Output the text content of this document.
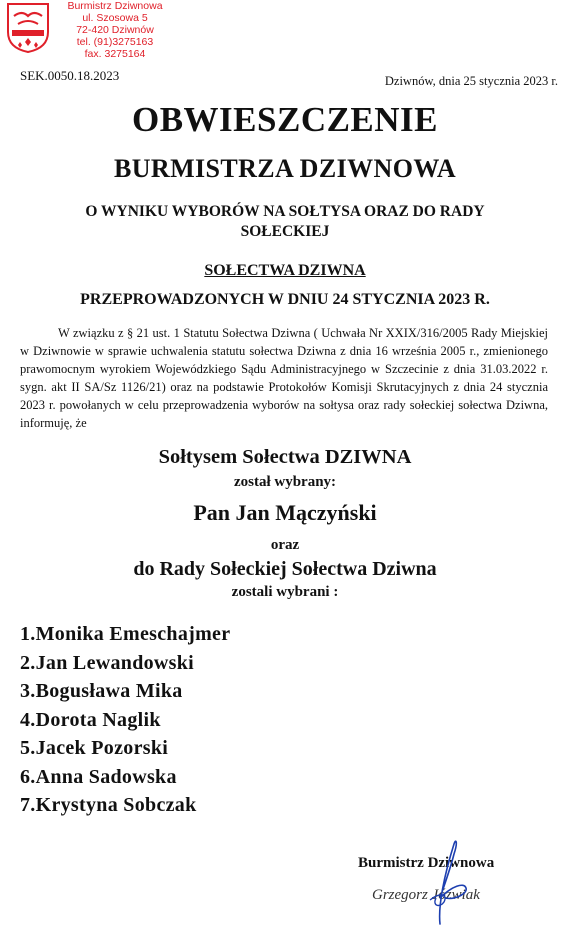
Burmistrz Dziwnowa
ul. Szosowa 5
72-420 Dziwnów
tel. (91)3275163
fax. 3275164
SEK.0050.18.2023	Dziwnów, dnia 25 stycznia 2023 r.
OBWIESZCZENIE
BURMISTRZA DZIWNOWA
O WYNIKU WYBORÓW NA SOŁTYSA ORAZ DO RADY
SOŁECKIEJ
SOŁECTWA DZIWNA
PRZEPROWADZONYCH W DNIU 24 STYCZNIA 2023 R.
W związku z § 21 ust. 1 Statutu Sołectwa Dziwna ( Uchwała Nr XXIX/316/2005 Rady Miejskiej w Dziwnowie w sprawie uchwalenia statutu sołectwa Dziwna z dnia 16 września 2005 r., zmienionego prawomocnym wyrokiem Wojewódzkiego Sądu Administracyjnego w Szczecinie z dnia 31.03.2022 r. sygn. akt II SA/Sz 1126/21) oraz na podstawie Protokołów Komisji Skrutacyjnych z dnia 24 stycznia 2023 r. powołanych w celu przeprowadzenia wyborów na sołtysa oraz rady sołeckiej sołectwa Dziwna, informuję, że
Sołtysem Sołectwa DZIWNA
został wybrany:
Pan Jan Mączyński
oraz
do Rady Sołeckiej Sołectwa Dziwna
zostali wybrani :
1.Monika Emeschajmer
2.Jan Lewandowski
3.Bogusława Mika
4.Dorota Naglik
5.Jacek Pozorski
6.Anna Sadowska
7.Krystyna Sobczak
Burmistrz Dziwnowa
Grzegorz Jóźwiak
